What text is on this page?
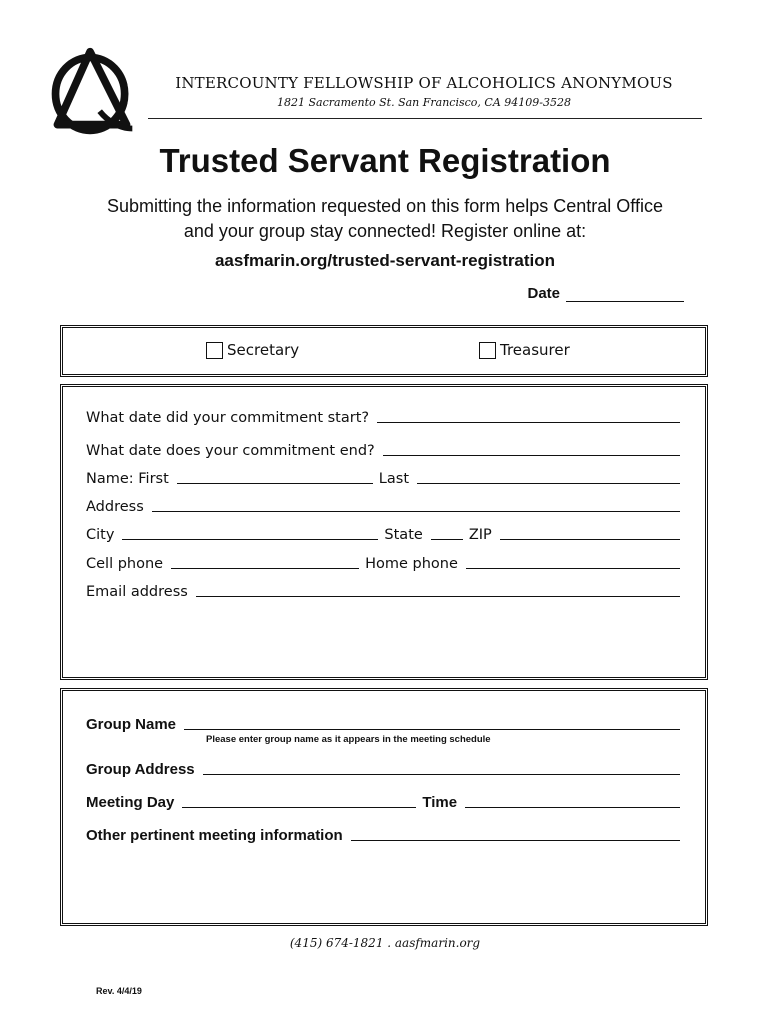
INTERCOUNTY FELLOWSHIP OF ALCOHOLICS ANONYMOUS
1821 Sacramento St. San Francisco, CA 94109-3528
Trusted Servant Registration
Submitting the information requested on this form helps Central Office
and your group stay connected! Register online at:
aasfmarin.org/trusted-servant-registration
Date
Secretary	Treasurer
What date did your commitment start?
What date does your commitment end?
Name: First	Last
Address
City	State	ZIP
Cell phone	Home phone
Email address
Group Name
Please enter group name as it appears in the meeting schedule
Group Address
Meeting Day	Time
Other pertinent meeting information
(415) 674-1821 . aasfmarin.org
Rev. 4/4/19
